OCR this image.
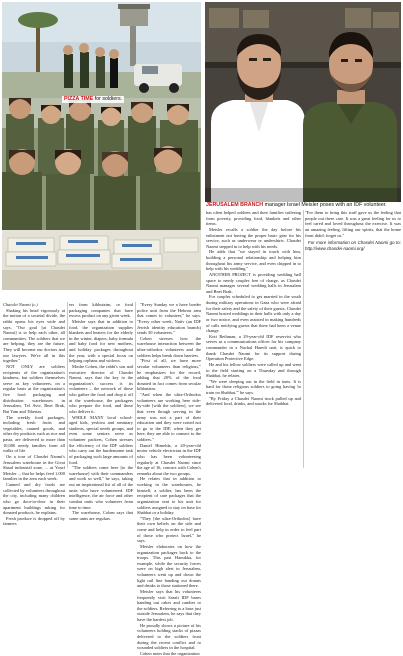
PIZZA TIME for soldiers.
JERUSALEM BRANCH manager Israel Meisler poses with an IDF volunteer.

Chaedei Naomi (c.)

Shaking his head vigorously at the notion of a societal divide, the rabbi opens his eyes wide and says, "Our goal [at Chasdei Naomi] is to help each other, all communities. The soldiers that we are helping, they are the future. They will become our doctors and our lawyers. We're all in this together."

NOT ONLY are soldiers recipients of the organization's kindness, but soldiers themselves serve as key volunteers, on a regular basis at the organization's five food packaging and distribution warehouses in Jerusalem, Tel Aviv, Bnei Brak, Bat Yam and Tiberias.

The weekly food packages, including fresh fruits and vegetables, canned goods, and other dry products such as rice and pasta, are delivered to more than 10,000 needy families from all walks of life.

On a tour of Chasdei Naomi's Jerusalem warehouse in the Givat Shaul industrial zone, ... at Yosef Meisler ... that he helps feed 1,000 families in the area each week.

Canned and dry foods are collected by volunteers throughout the city, including many children who go door-to-door in their apartment buildings asking for donated products, he explains.

Fresh produce is dropped off by farmers

ers from kibbutzim, or food packaging companies that have excess product on any given week.

Meisler says that in addition to food, the organization supplies blankets and heaters for the elderly in the winter, diapers, baby formula and baby food for new mothers, and holiday packages throughout the year, with a special focus on helping orphans and widows.

Moshe Cohen, the rabbi's son and executive director of Chasdei Naomi, says that the key to the organization's success is its volunteers – the network of those who gather the food and drop it off at the warehouse, the packagers who prepare the food, and those who deliver it.

WHILE MANY local school-aged kids, yeshiva and seminary students, special needs groups, and even some seniors serve as volunteer packers, Cohen stresses the efficiency of the IDF soldiers who carry out the burdensome task of packaging such large amounts of food.

"The soldiers come here [to the warehouse] with their commanders and work so well," he says, taking out an inspirational list of all of the units who have volunteered. IDF intelligence, the air force and other combat units who volunteer from time to time.

The warehouse, Cohen says that some units are regulars.

"Every Sunday we a have border police unit from the Hebron area that comes to volunteer," he says. "Every other week, Nativ (an IDF Jewish identity education branch) sends 30 volunteers."

Cohen stresses how the warehouse interaction between the ultra-orthodox volunteers and the soldiers helps break down barriers.

"First of all, we have more secular volunteers than religious," he emphasizes for the record, adding that 20% of the food donated in fact comes from secular kibbutzim.

"And when the ultra-Orthodox volunteers are working here side-by-side [with the soldiers], we see that even though serving in the army was not a part of their education and they were raised not to go to the IDF, when they get here, they are able to connect to the soldiers."

Daniel Himelda, a 20-year-old motor vehicle electrician in the IDF who has been volunteering regularly at Chasdei Naomi since the age of 16, concurs with Cohen's remarks about the two groups.

He relates that in addition to working in the warehouses, he himself, a soldier, has been the recipient of care packages that the organization sent to his unit for soldiers assigned to stay on base for Shabbat or a holiday.

"They [the ultra-Orthodox] have their own beliefs on the side and come and help in order to feel part of those who protect Israel," he says.

Meisler elaborates on how the organization packages back to the troops. This past Hanukka, for example, while the security forces were on high alert in Jerusalem, volunteers went up and down the light rail line handing out donuts and drinks to those stationed there.

Meisler says that his volunteers frequently visit Sarafi IDF bases handing out cakes and candies to the soldiers. Referring to a base just outside Jerusalem, he says that they have the hardest job.

He proudly shows a picture of his volunteers holding stacks of pizzas delivered to the soldiers front during the recent conflict and to wounded soldiers in the hospital.

Cohen notes that the organization

has often helped soldiers and their families suffering from poverty, providing food, blankets and other items.

Meisler recalls a soldier the day before his enlistment not having the proper basic gear for his service, such as underwear or undershirts. Chasdei Naomi stepped in to help with his needs.

He adds that "we stayed in touch with him, building a personal relationship and helping him throughout his army service, and even chipped in to help with his wedding."

ANOTHER PROJECT is providing wedding hall space to needy couples free of charge, as Chasdei Naomi manages several wedding halls in Jerusalem and Bnei Brak.

For couples scheduled to get married in the south during military operations in Gaza who were afraid for their safety and the safety of their guests, Chasdei Naomi hosted weddings in their halls with only a day or two notice, and even assisted in making hundreds of calls notifying guests that there had been a venue change.

Koti Rethman, a 29-year-old IDF reservist who serves as a communications officer for his company commander in a Nachal Haredi unit, is quick to thank Chasdei Naomi for its support during Operation Protective Edge.

He and his fellow soldiers were called up and went to the field starting on a Thursday and through Shabbat, he relates.

"We were sleeping out in the field in tents. It is hard for those religious soldiers to going having 'to train on Shabbat,'" he says.

"By Friday a Chasdei Naomi truck pulled up and delivered food, drinks, and snacks for Shabbat.

"For them to bring this stuff gave us the feeling that people out there care. It was a great feeling for us to feel cared and loved throughout the exercise. It was an amazing feeling, lifting our spirits, that the home front didn't forget us."

For more information on Chasdei Naomi go to: http://www.chasdei-naomi.org/
